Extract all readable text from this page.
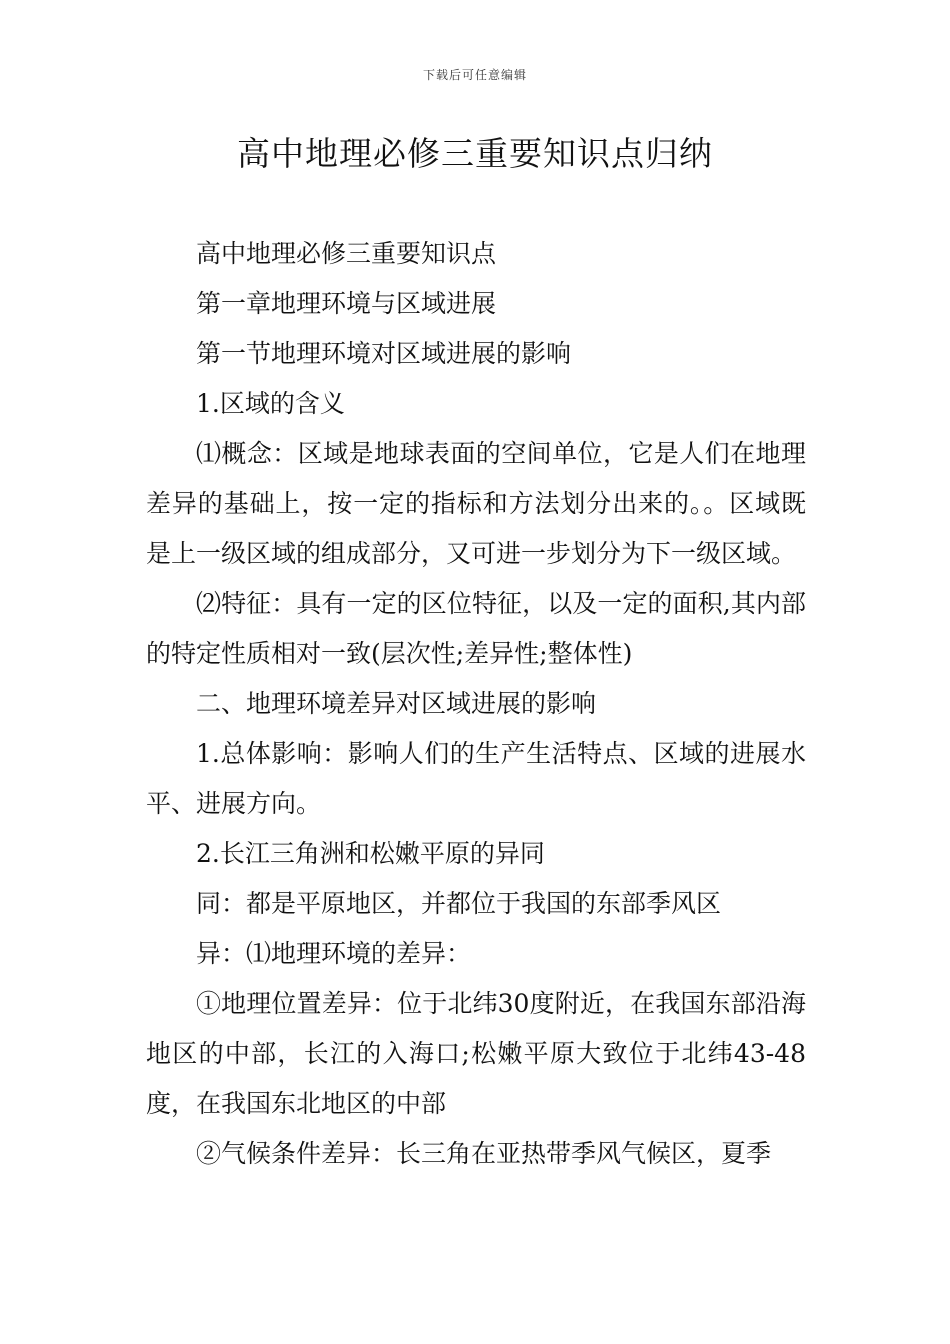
下载后可任意编辑
高中地理必修三重要知识点归纳

高中地理必修三重要知识点

第一章地理环境与区域进展

第一节地理环境对区域进展的影响

1.区域的含义

⑴概念：区域是地球表面的空间单位，它是人们在地理差异的基础上，按一定的指标和方法划分出来的。。区域既是上一级区域的组成部分，又可进一步划分为下一级区域。

⑵特征：具有一定的区位特征，以及一定的面积,其内部的特定性质相对一致(层次性;差异性;整体性)

二、地理环境差异对区域进展的影响

1.总体影响：影响人们的生产生活特点、区域的进展水平、进展方向。

2.长江三角洲和松嫩平原的异同

同：都是平原地区，并都位于我国的东部季风区

异：⑴地理环境的差异：

①地理位置差异：位于北纬30度附近，在我国东部沿海地区的中部，长江的入海口;松嫩平原大致位于北纬43-48度，在我国东北地区的中部

②气候条件差异：长三角在亚热带季风气候区，夏季
